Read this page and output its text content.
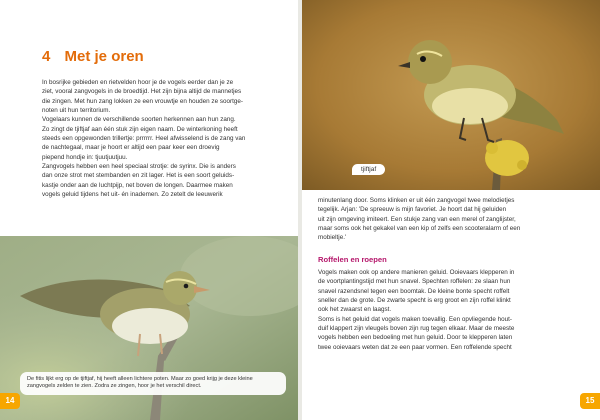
4 Met je oren

In bosrijke gebieden en rietvelden hoor je de vogels eerder dan je ze

ziet, vooral zangvogels in de broedtijd. Het zijn bijna altijd de mannetjes

die zingen. Met hun zang lokken ze een vrouwtje en houden ze soortge-

noten uit hun territorium.

Vogelaars kunnen de verschillende soorten herkennen aan hun zang.

Zo zingt de tjiftjaf aan één stuk zijn eigen naam. De winterkoning heeft

steeds een opgewonden trillertje: prrrrrr. Heel afwisselend is de zang van

de nachtegaal, maar je hoort er altijd een paar keer een droevig

piepend hondje in: tjuutjuutjuu.

Zangvogels hebben een heel speciaal strotje: de syrinx. Die is anders

dan onze strot met stembanden en zit lager. Het is een soort geluids-

kastje onder aan de luchtpijp, net boven de longen. Daarmee maken

vogels geluid tijdens het uit- én inademen. Zo zetelt de leeuwerik

De fitis lijkt erg op de tjiftjaf, hij heeft alleen lichtere poten. Maar zo goed krijg je deze kleine zangvogels zelden te zien. Zodra ze zingen, hoor je het verschil direct.
14
tjiftjaf

minutenlang door. Soms klinken er uit één zangvogel twee melodietjes

tegelijk. Arjan: 'De spreeuw is mijn favoriet. Je hoort dat hij geluiden

uit zijn omgeving imiteert. Een stukje zang van een merel of zanglijster,

maar soms ook het gekakel van een kip of zelfs een scooteralarm of een

mobieltje.'

Roffelen en roepen

Vogels maken ook op andere manieren geluid. Ooievaars klepperen in

de voortplantingstijd met hun snavel. Spechten roffelen: ze slaan hun

snavel razendsnel tegen een boomtak. De kleine bonte specht roffelt

sneller dan de grote. De zwarte specht is erg groot en zijn roffel klinkt

ook het zwaarst en laagst.

Soms is het geluid dat vogels maken toevallig. Een opvliegende hout-

duif klappert zijn vleugels boven zijn rug tegen elkaar. Maar de meeste

vogels hebben een bedoeling met hun geluid. Door te klepperen laten

twee ooievaars weten dat ze een paar vormen. Een roffelende specht

15
